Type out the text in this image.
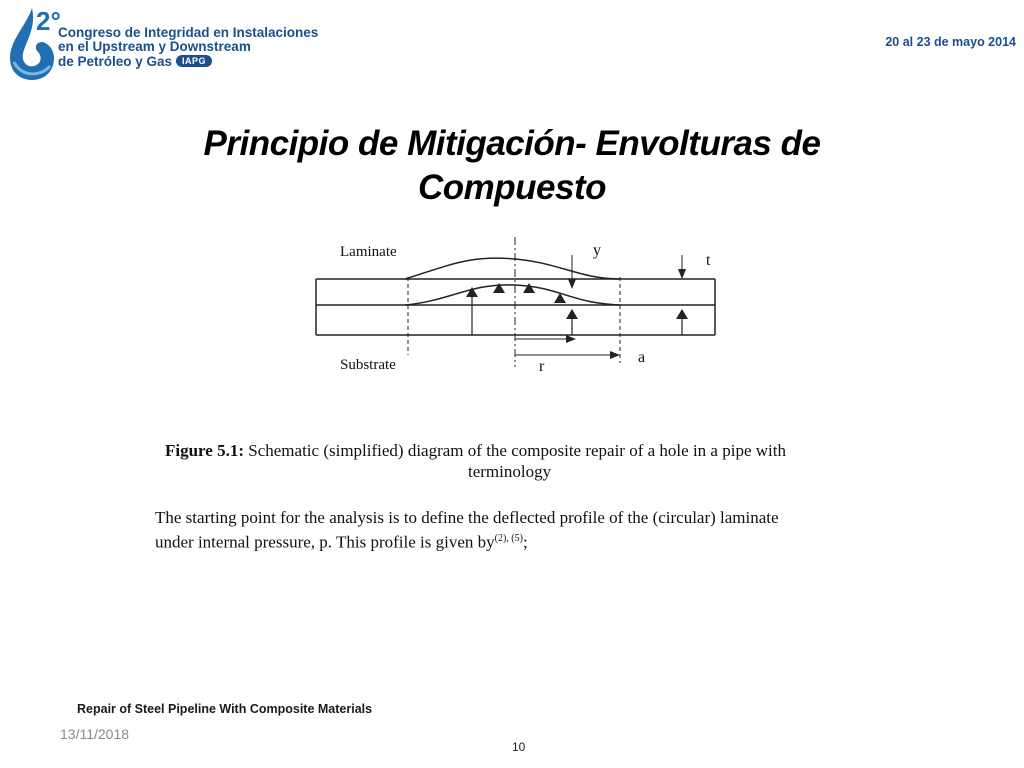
2°
Congreso de Integridad en Instalaciones
en el Upstream y Downstream
de Petróleo y Gas	IAPG
20 al 23 de mayo 2014
Principio de Mitigación- Envolturas de
Compuesto
Laminate
Substrate
y
t
r
a
Figure 5.1: Schematic (simplified) diagram of the composite repair of a hole in a pipe with
terminology
The starting point for the analysis is to define the deflected profile of the (circular) laminate
under internal pressure, p. This profile is given $by^{(2), (5)}$;
Repair of Steel Pipeline With Composite Materials
13/11/2018
10
